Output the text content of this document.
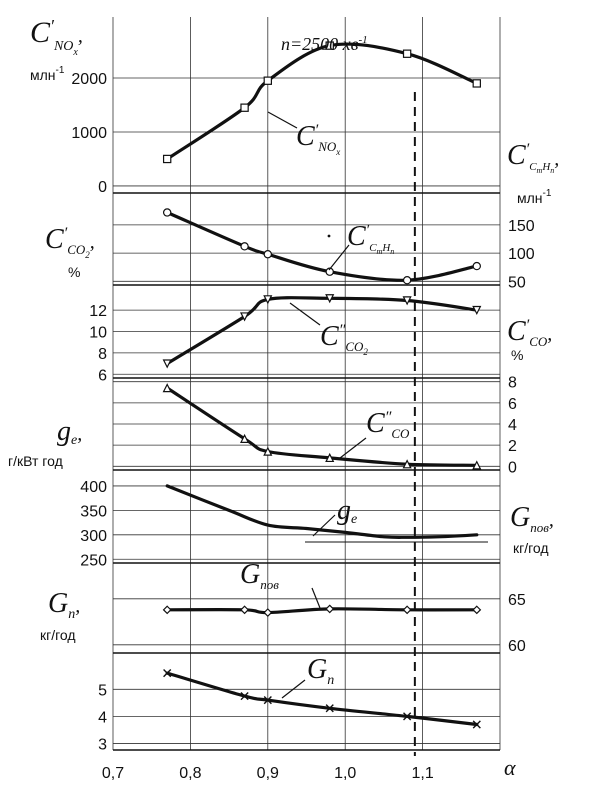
0,7	0,8	0,9	1,0	1,1
0
1000
2000
50
100
150
6
8
10
12
0
2
4
6
8
250
300
350
400
60
65
3
4
5
n=2500 $хв^{-1}$
α
$C'_{NO}x^,$
млн$^{-1}$
$C'_{CO}2^,$
%
ge,
г/кВт год
$G_п^,$
кг/год
$C'_CmHn^,$
млн$^{-1}$
$C'_{CO}^,$
%
$G_{пов}^,$
кг/год
$C'_{NO}x$
$C'_CmHn$
$C''_{CO}2$
$C''_{CO}$
ge
$G_{пов}$
$G_п$
